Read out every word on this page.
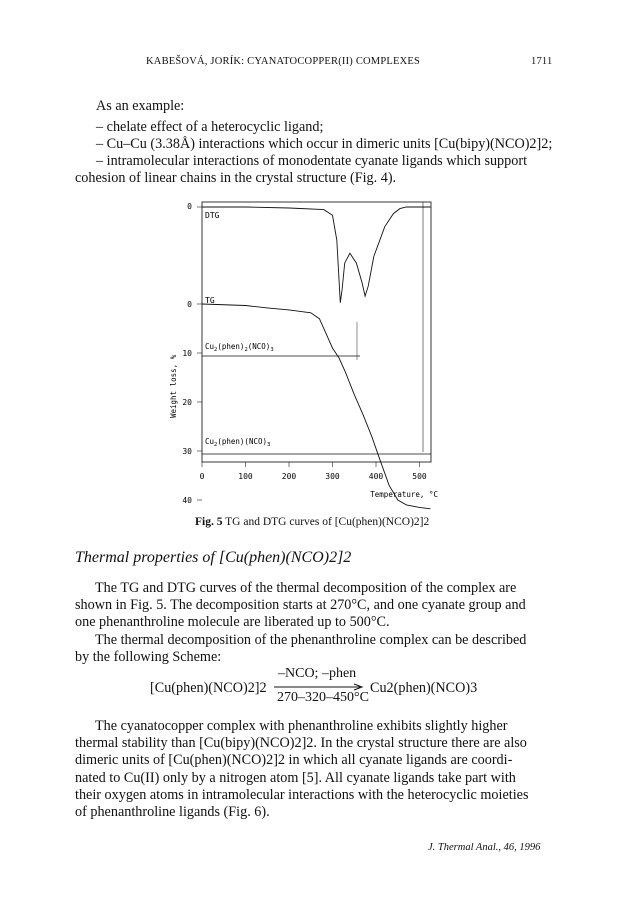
KABEŠOVÁ, JORÍK: CYANATOCOPPER(II) COMPLEXES	1711
As an example:
– chelate effect of a heterocyclic ligand;
– Cu–Cu (3.38Å) interactions which occur in dimeric units [Cu(bipy)(NCO)2]2;
– intramolecular interactions of monodentate cyanate ligands which support
cohesion of linear chains in the crystal structure (Fig. 4).
0
0
10
20
30
40
0	100	200	300	400	500
DTG
TG
$Cu_2(phen)_2(NCO)_3$
$Cu_2(phen)(NCO)_3$
Weight loss, %
Temperature, °C
Fig. 5 TG and DTG curves of [Cu(phen)(NCO)2]2
Thermal properties of [Cu(phen)(NCO)2]2
The TG and DTG curves of the thermal decomposition of the complex are
shown in Fig. 5. The decomposition starts at 270°C, and one cyanate group and
one phenanthroline molecule are liberated up to 500°C.
The thermal decomposition of the phenanthroline complex can be described
by the following Scheme:
[Cu(phen)(NCO)2]2
–NCO; –phen
270–320–450°C
Cu2(phen)(NCO)3
The cyanatocopper complex with phenanthroline exhibits slightly higher
thermal stability than [Cu(bipy)(NCO)2]2. In the crystal structure there are also
dimeric units of [Cu(phen)(NCO)2]2 in which all cyanate ligands are coordi-
nated to Cu(II) only by a nitrogen atom [5]. All cyanate ligands take part with
their oxygen atoms in intramolecular interactions with the heterocyclic moieties
of phenanthroline ligands (Fig. 6).
J. Thermal Anal., 46, 1996
